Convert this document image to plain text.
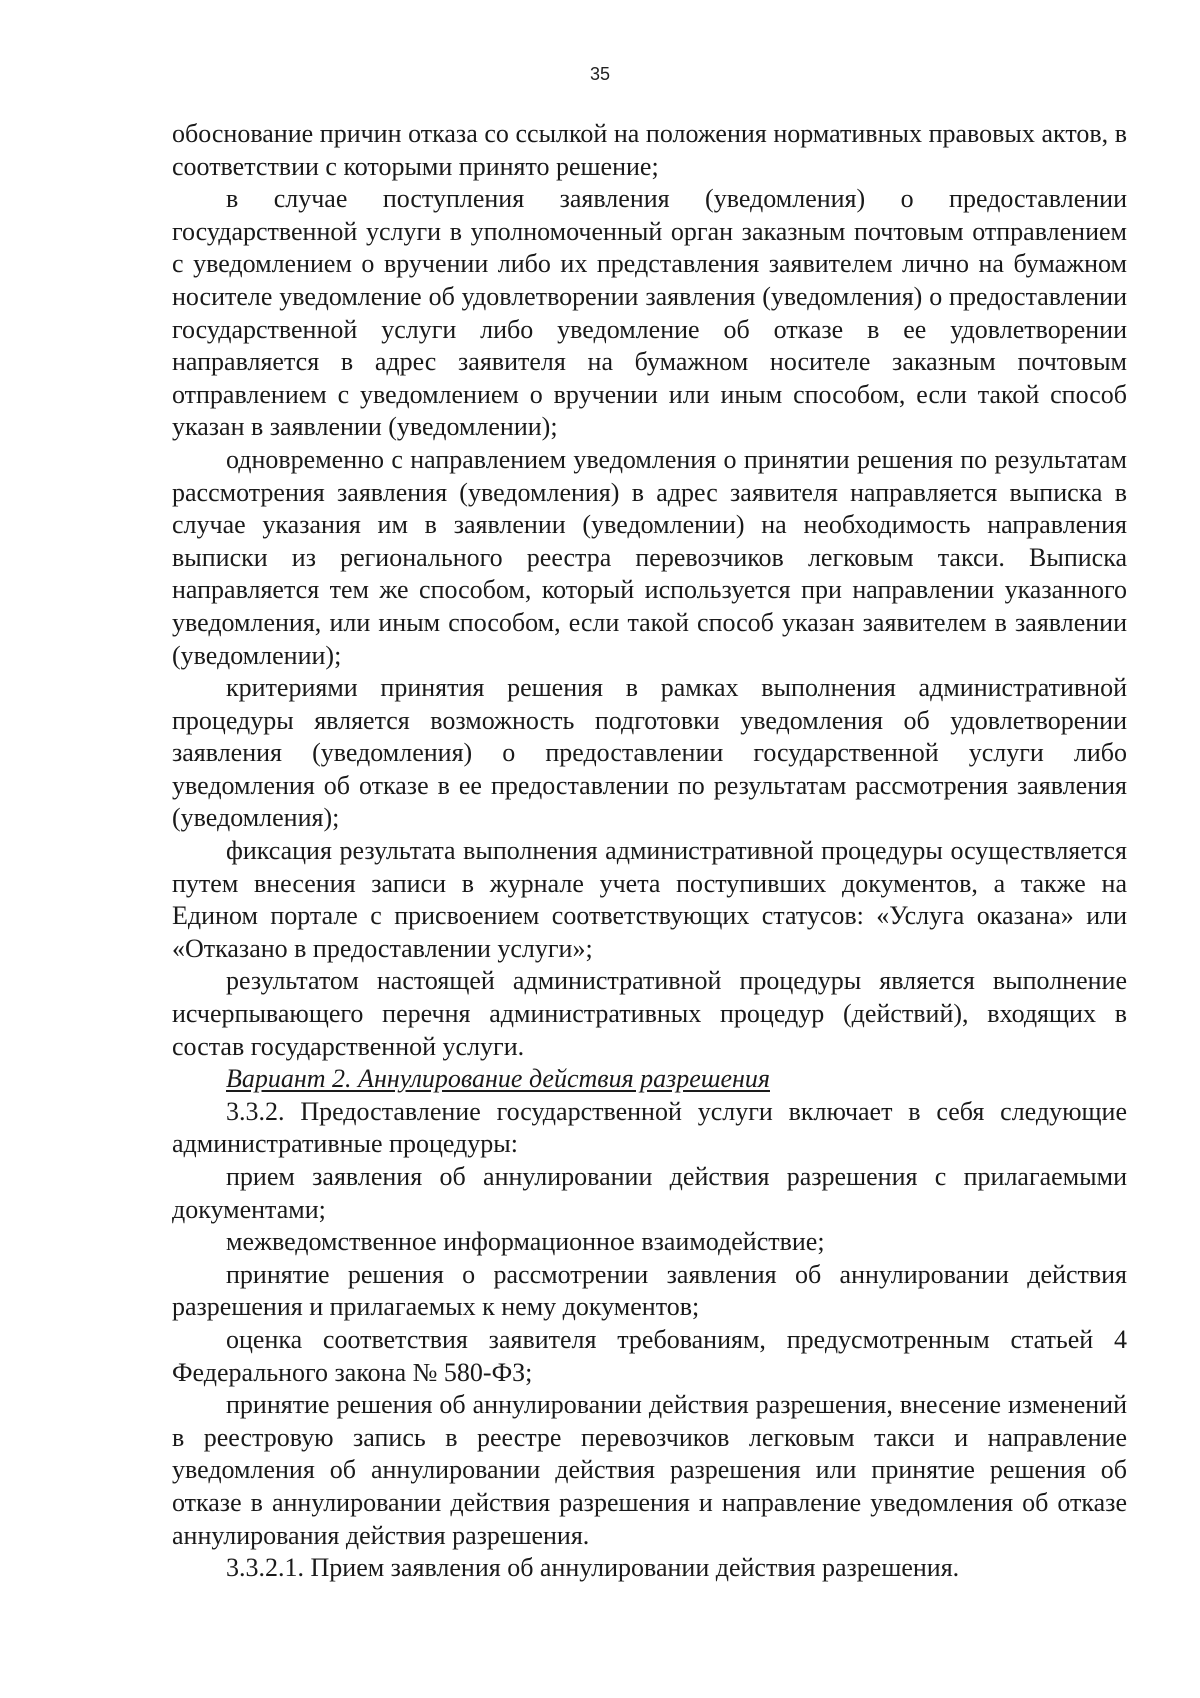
35

обоснование причин отказа со ссылкой на положения нормативных правовых актов, в соответствии с которыми принято решение;

в случае поступления заявления (уведомления) о предоставлении государственной услуги в уполномоченный орган заказным почтовым отправлением с уведомлением о вручении либо их представления заявителем лично на бумажном носителе уведомление об удовлетворении заявления (уведомления) о предоставлении государственной услуги либо уведомление об отказе в ее удовлетворении направляется в адрес заявителя на бумажном носителе заказным почтовым отправлением с уведомлением о вручении или иным способом, если такой способ указан в заявлении (уведомлении);

одновременно с направлением уведомления о принятии решения по результатам рассмотрения заявления (уведомления) в адрес заявителя направляется выписка в случае указания им в заявлении (уведомлении) на необходимость направления выписки из регионального реестра перевозчиков легковым такси. Выписка направляется тем же способом, который используется при направлении указанного уведомления, или иным способом, если такой способ указан заявителем в заявлении (уведомлении);

критериями принятия решения в рамках выполнения административной процедуры является возможность подготовки уведомления об удовлетворении заявления (уведомления) о предоставлении государственной услуги либо уведомления об отказе в ее предоставлении по результатам рассмотрения заявления (уведомления);

фиксация результата выполнения административной процедуры осуществляется путем внесения записи в журнале учета поступивших документов, а также на Едином портале с присвоением соответствующих статусов: «Услуга оказана» или «Отказано в предоставлении услуги»;

результатом настоящей административной процедуры является выполнение исчерпывающего перечня административных процедур (действий), входящих в состав государственной услуги.

Вариант 2. Аннулирование действия разрешения

3.3.2. Предоставление государственной услуги включает в себя следующие административные процедуры:

прием заявления об аннулировании действия разрешения с прилагаемыми документами;

межведомственное информационное взаимодействие;

принятие решения о рассмотрении заявления об аннулировании действия разрешения и прилагаемых к нему документов;

оценка соответствия заявителя требованиям, предусмотренным статьей 4 Федерального закона № 580-ФЗ;

принятие решения об аннулировании действия разрешения, внесение изменений в реестровую запись в реестре перевозчиков легковым такси и направление уведомления об аннулировании действия разрешения или принятие решения об отказе в аннулировании действия разрешения и направление уведомления об отказе аннулирования действия разрешения.

3.3.2.1. Прием заявления об аннулировании действия разрешения.
